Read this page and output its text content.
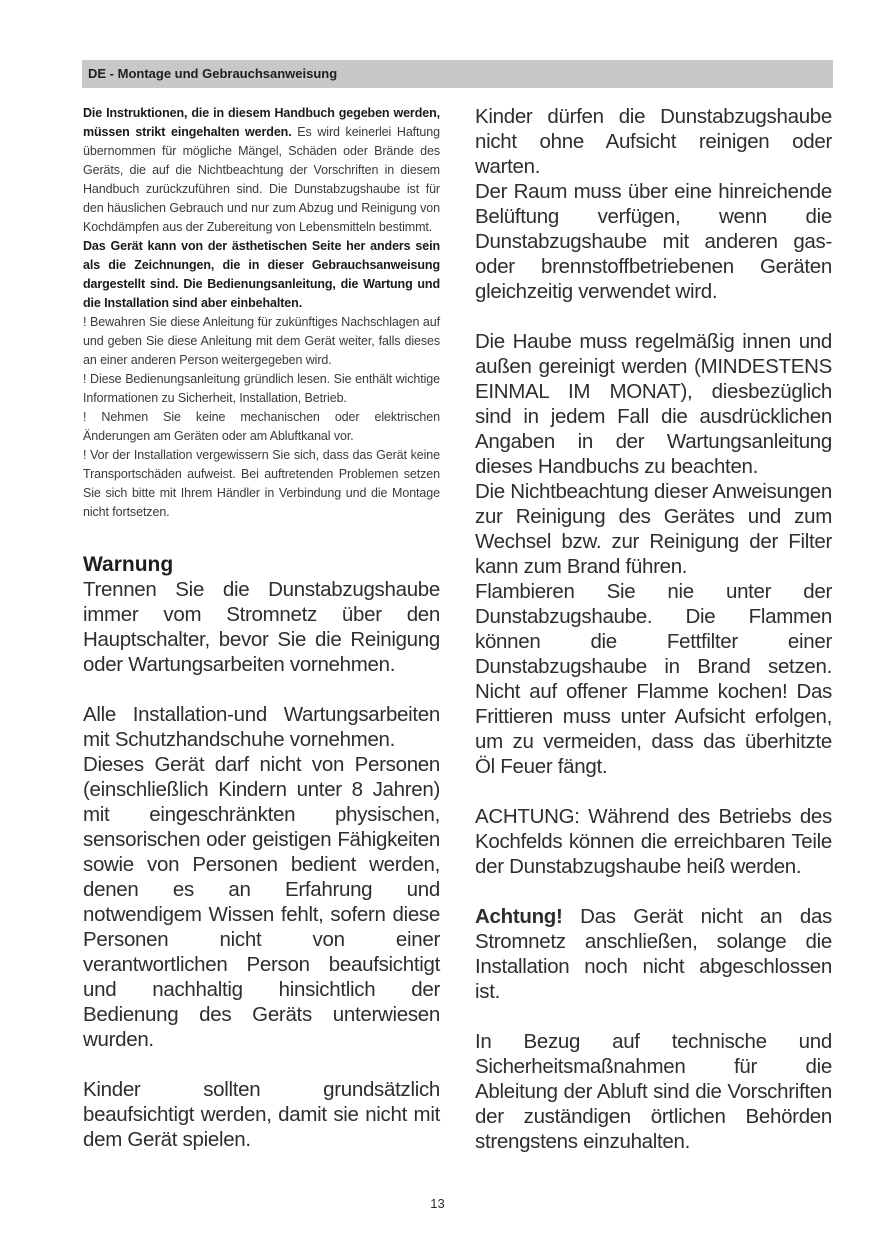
DE - Montage und Gebrauchsanweisung

Die Instruktionen, die in diesem Handbuch gegeben werden, müssen strikt eingehalten werden. Es wird keinerlei Haftung übernommen für mögliche Mängel, Schäden oder Brände des Geräts, die auf die Nichtbeachtung der Vorschriften in diesem Handbuch zurückzuführen sind. Die Dunstabzugshaube ist für den häuslichen Gebrauch und nur zum Abzug und Reinigung von Kochdämpfen aus der Zubereitung von Lebensmitteln bestimmt.

Das Gerät kann von der ästhetischen Seite her anders sein als die Zeichnungen, die in dieser Gebrauchsanweisung dargestellt sind. Die Bedienungsanleitung, die Wartung und die Installation sind aber einbehalten.

! Bewahren Sie diese Anleitung für zukünftiges Nachschlagen auf und geben Sie diese Anleitung mit dem Gerät weiter, falls dieses an einer anderen Person weitergegeben wird.

! Diese Bedienungsanleitung gründlich lesen. Sie enthält wichtige Informationen zu Sicherheit, Installation, Betrieb.

! Nehmen Sie keine mechanischen oder elektrischen Änderungen am Geräten oder am Abluftkanal vor.

! Vor der Installation vergewissern Sie sich, dass das Gerät keine Transportschäden aufweist. Bei auftretenden Problemen setzen Sie sich bitte mit Ihrem Händler in Verbindung und die Montage nicht fortsetzen.

Warnung

Trennen Sie die Dunstabzugshaube immer vom Stromnetz über den Hauptschalter, bevor Sie die Reinigung oder Wartungsarbeiten vornehmen.

Alle Installation-und Wartungsarbeiten mit Schutzhandschuhe vornehmen.

Dieses Gerät darf nicht von Personen (einschließlich Kindern unter 8 Jahren) mit eingeschränkten physischen, sensorischen oder geistigen Fähigkeiten sowie von Personen bedient werden, denen es an Erfahrung und notwendigem Wissen fehlt, sofern diese Personen nicht von einer verantwortlichen Person beaufsichtigt und nachhaltig hinsichtlich der Bedienung des Geräts unterwiesen wurden.

Kinder sollten grundsätzlich beaufsichtigt werden, damit sie nicht mit dem Gerät spielen.

Kinder dürfen die Dunstabzugshaube nicht ohne Aufsicht reinigen oder warten.

Der Raum muss über eine hinreichende Belüftung verfügen, wenn die Dunstabzugshaube mit anderen gas-oder brennstoffbetriebenen Geräten gleichzeitig verwendet wird.

Die Haube muss regelmäßig innen und außen gereinigt werden (MINDESTENS EINMAL IM MONAT), diesbezüglich sind in jedem Fall die ausdrücklichen Angaben in der Wartungsanleitung dieses Handbuchs zu beachten.

Die Nichtbeachtung dieser Anweisungen zur Reinigung des Gerätes und zum Wechsel bzw. zur Reinigung der Filter kann zum Brand führen.

Flambieren Sie nie unter der Dunstabzugshaube. Die Flammen können die Fettfilter einer Dunstabzugshaube in Brand setzen. Nicht auf offener Flamme kochen! Das Frittieren muss unter Aufsicht erfolgen, um zu vermeiden, dass das überhitzte Öl Feuer fängt.

ACHTUNG: Während des Betriebs des Kochfelds können die erreichbaren Teile der Dunstabzugshaube heiß werden.

Achtung! Das Gerät nicht an das Stromnetz anschließen, solange die Installation noch nicht abgeschlossen ist.

In Bezug auf technische und Sicherheitsmaßnahmen für die Ableitung der Abluft sind die Vorschriften der zuständigen örtlichen Behörden strengstens einzuhalten.

13
